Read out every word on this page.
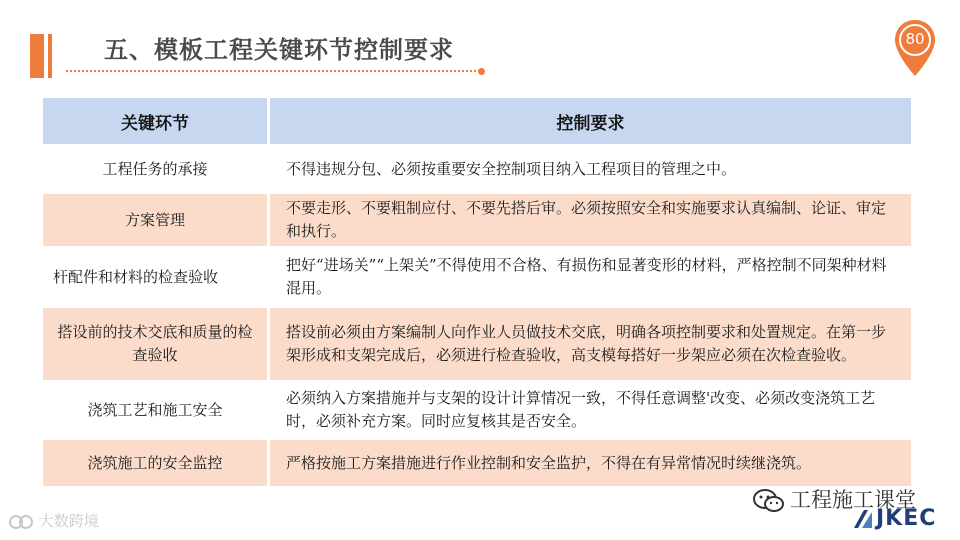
五、模板工程关键环节控制要求	80
关键环节	控制要求
工程任务的承接	不得违规分包、必须按重要安全控制项目纳入工程项目的管理之中。
方案管理	不要走形、不要粗制应付、不要先搭后审。必须按照安全和实施要求认真编制、论证、审定和执行。
杆配件和材料的检查验收	把好“进场关”“上架关”不得使用不合格、有损伤和显著变形的材料，严格控制不同架种材料混用。
搭设前的技术交底和质量的检查验收	搭设前必须由方案编制人向作业人员做技术交底，明确各项控制要求和处置规定。在第一步架形成和支架完成后，必须进行检查验收，高支模每搭好一步架应必须在次检查验收。
浇筑工艺和施工安全	必须纳入方案措施并与支架的设计计算情况一致，不得任意调整'改变、必须改变浇筑工艺时，必须补充方案。同时应复核其是否安全。
浇筑施工的安全监控	严格按施工方案措施进行作业控制和安全监护，不得在有异常情况时续继浇筑。
大数跨境
工程施工课堂
JKEC
